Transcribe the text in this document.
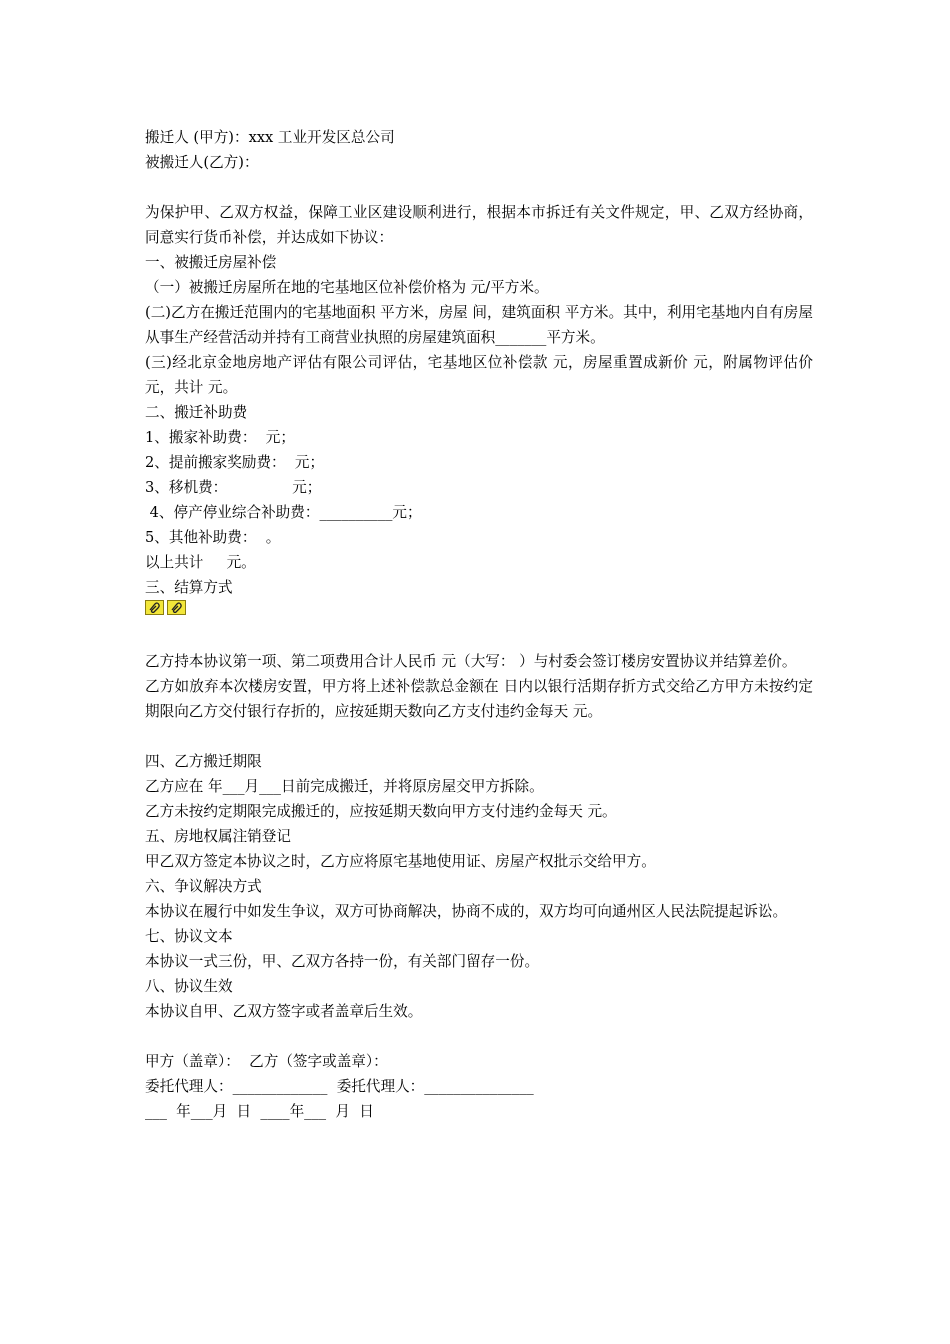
搬迁人 (甲方)：xxx 工业开发区总公司
被搬迁人(乙方)：
为保护甲、乙双方权益，保障工业区建设顺利进行，根据本市拆迁有关文件规定，甲、乙双方经协商，同意实行货币补偿，并达成如下协议：
一、被搬迁房屋补偿
（一）被搬迁房屋所在地的宅基地区位补偿价格为 元/平方米。
(二)乙方在搬迁范围内的宅基地面积 平方米，房屋 间，建筑面积 平方米。其中，利用宅基地内自有房屋从事生产经营活动并持有工商营业执照的房屋建筑面积_______平方米。
(三)经北京金地房地产评估有限公司评估，宅基地区位补偿款 元，房屋重置成新价 元，附属物评估价 元，共计 元。
二、搬迁补助费
1、搬家补助费：  元；
2、提前搬家奖励费：  元；
3、移机费：              元；
4、停产停业综合补助费：__________元；
5、其他补助费：  。
以上共计     元。
三、结算方式
乙方持本协议第一项、第二项费用合计人民币 元（大写： ）与村委会签订楼房安置协议并结算差价。
乙方如放弃本次楼房安置，甲方将上述补偿款总金额在 日内以银行活期存折方式交给乙方甲方未按约定期限向乙方交付银行存折的，应按延期天数向乙方支付违约金每天 元。
四、乙方搬迁期限
乙方应在 年___月___日前完成搬迁，并将原房屋交甲方拆除。
乙方未按约定期限完成搬迁的，应按延期天数向甲方支付违约金每天 元。
五、房地权属注销登记
甲乙双方签定本协议之时，乙方应将原宅基地使用证、房屋产权批示交给甲方。
六、争议解决方式
本协议在履行中如发生争议，双方可协商解决，协商不成的，双方均可向通州区人民法院提起诉讼。
七、协议文本
本协议一式三份，甲、乙双方各持一份，有关部门留存一份。
八、协议生效
本协议自甲、乙双方签字或者盖章后生效。
甲方（盖章）：  乙方（签字或盖章）：
委托代理人：_____________  委托代理人：_______________
___  年___月  日  ____年___  月  日
